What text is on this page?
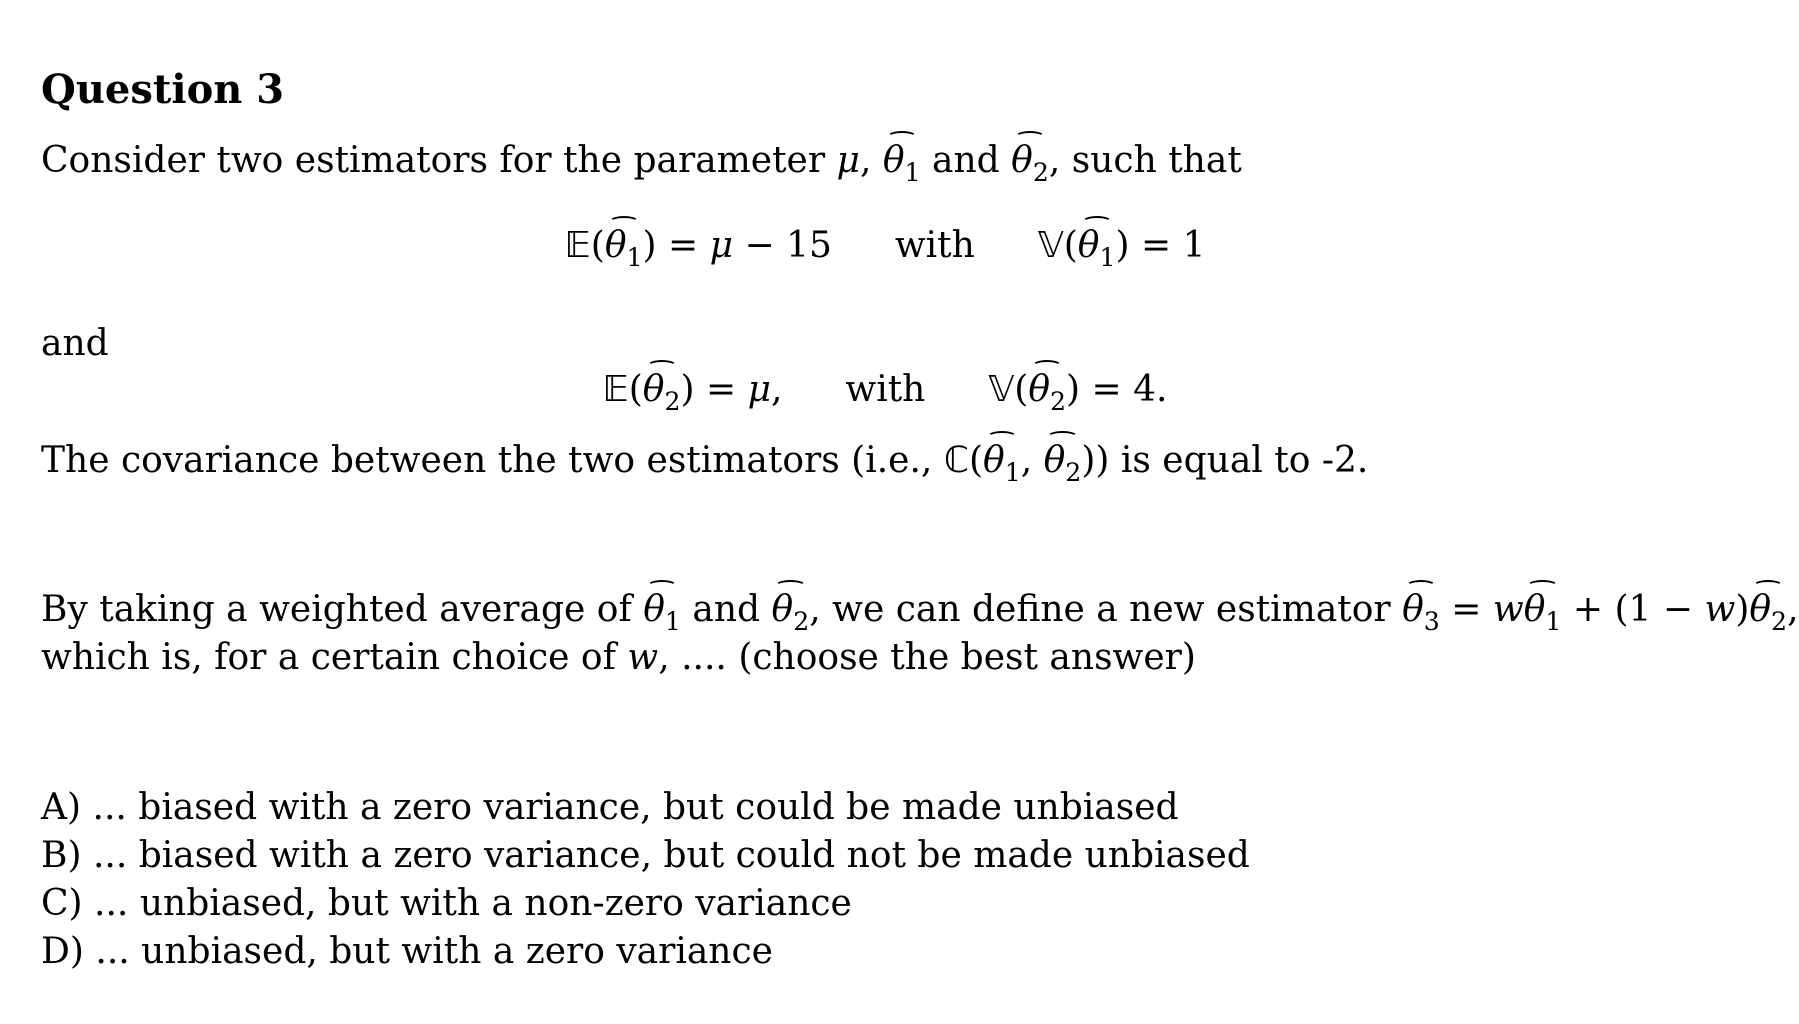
Question 3
Consider two estimators for the parameter μ, $\theta_1$ and $\theta_2$, such that
$𝔼(\theta_1) = \mu - 15$  with $𝕍(\theta_1) = 1$
and
$𝔼(\theta_2) = \mu$,  with $𝕍(\theta_2) = 4$.
The covariance between the two estimators (i.e., $ℂ(\theta_1$, $\theta_2$)) is equal to -2.
By taking a weighted average of $\theta_1$ and $\theta_2$, we can define a new estimator $\theta_3 = w\theta_1 + (1 - w)\theta_2$,
which is, for a certain choice of w, .... (choose the best answer)
A) ... biased with a zero variance, but could be made unbiased
B) ... biased with a zero variance, but could not be made unbiased
C) ... unbiased, but with a non-zero variance
D) ... unbiased, but with a zero variance
